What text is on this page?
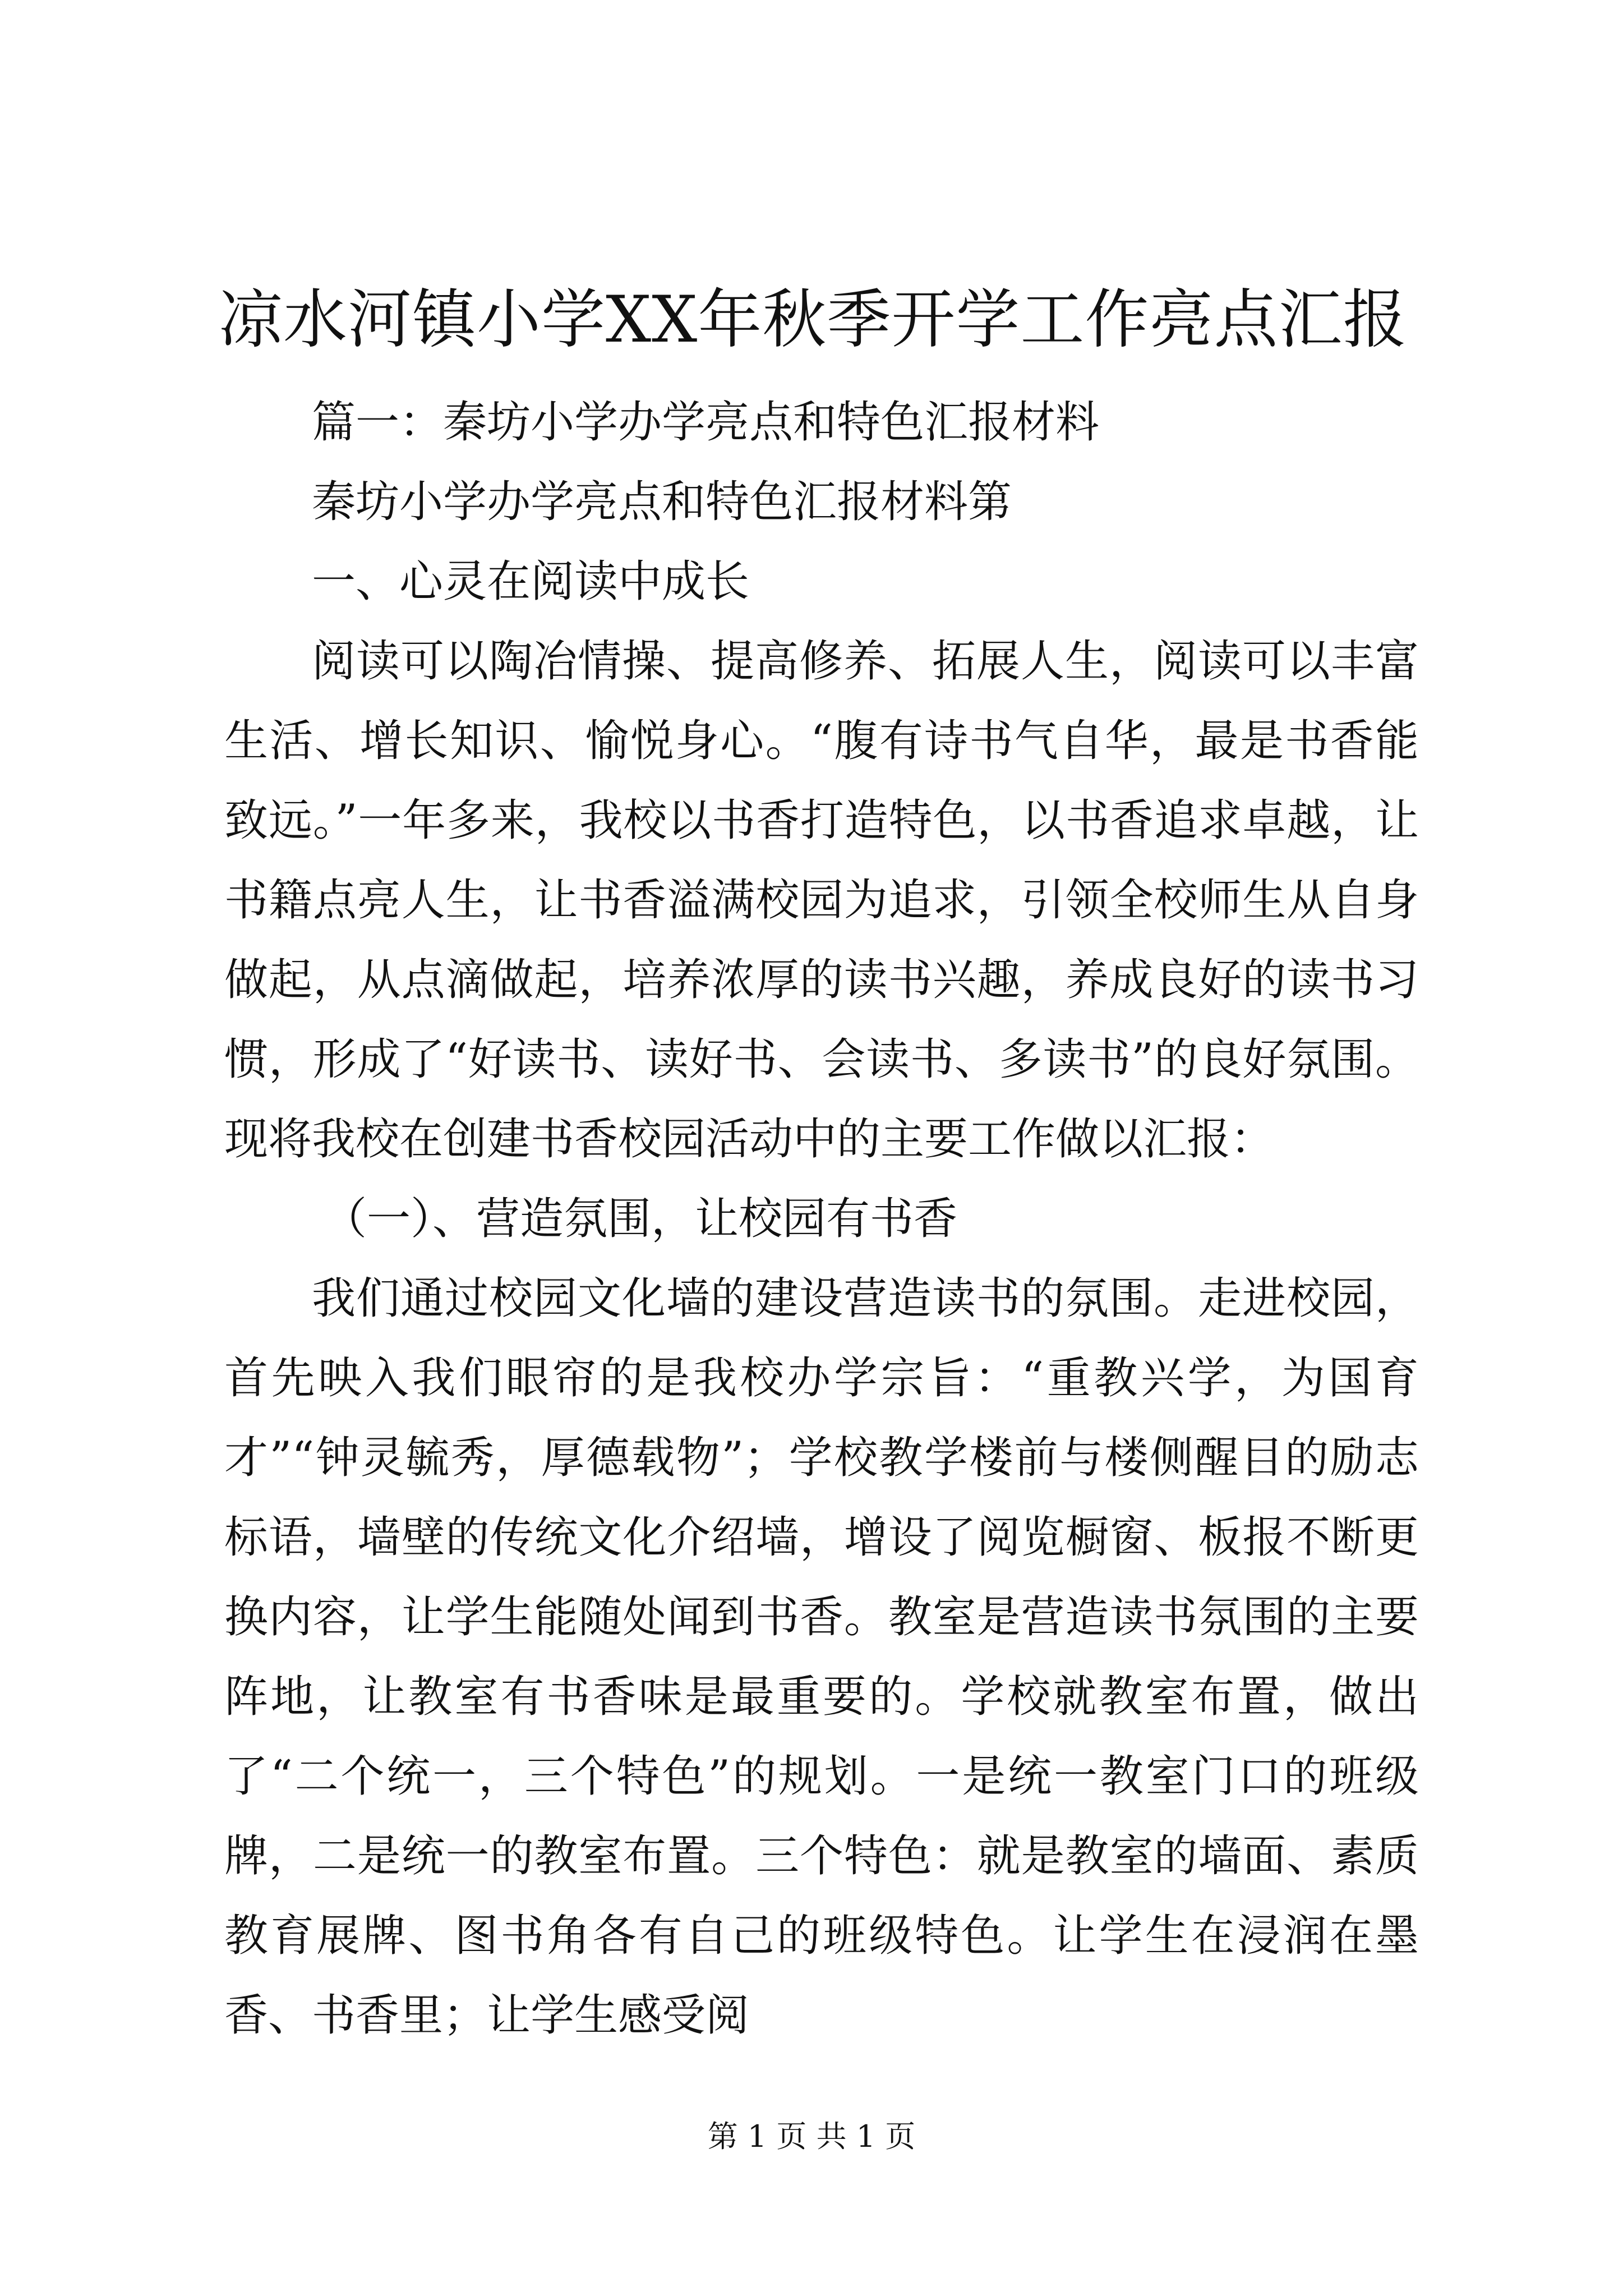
凉水河镇小学XX年秋季开学工作亮点汇报

篇一：秦坊小学办学亮点和特色汇报材料

秦坊小学办学亮点和特色汇报材料第

一、心灵在阅读中成长

阅读可以陶冶情操、提高修养、拓展人生，阅读可以丰富生活、增长知识、愉悦身心。“腹有诗书气自华，最是书香能致远。”一年多来，我校以书香打造特色，以书香追求卓越，让书籍点亮人生，让书香溢满校园为追求，引领全校师生从自身做起，从点滴做起，培养浓厚的读书兴趣，养成良好的读书习惯，形成了“好读书、读好书、会读书、多读书”的良好氛围。现将我校在创建书香校园活动中的主要工作做以汇报：

（一）、营造氛围，让校园有书香

我们通过校园文化墙的建设营造读书的氛围。走进校园，首先映入我们眼帘的是我校办学宗旨：“重教兴学，为国育才”“钟灵毓秀，厚德载物”；学校教学楼前与楼侧醒目的励志标语，墙壁的传统文化介绍墙，增设了阅览橱窗、板报不断更换内容，让学生能随处闻到书香。教室是营造读书氛围的主要阵地，让教室有书香味是最重要的。学校就教室布置，做出了“二个统一，三个特色”的规划。一是统一教室门口的班级牌，二是统一的教室布置。三个特色：就是教室的墙面、素质教育展牌、图书角各有自己的班级特色。让学生在浸润在墨香、书香里；让学生感受阅

第 1 页 共 1 页
